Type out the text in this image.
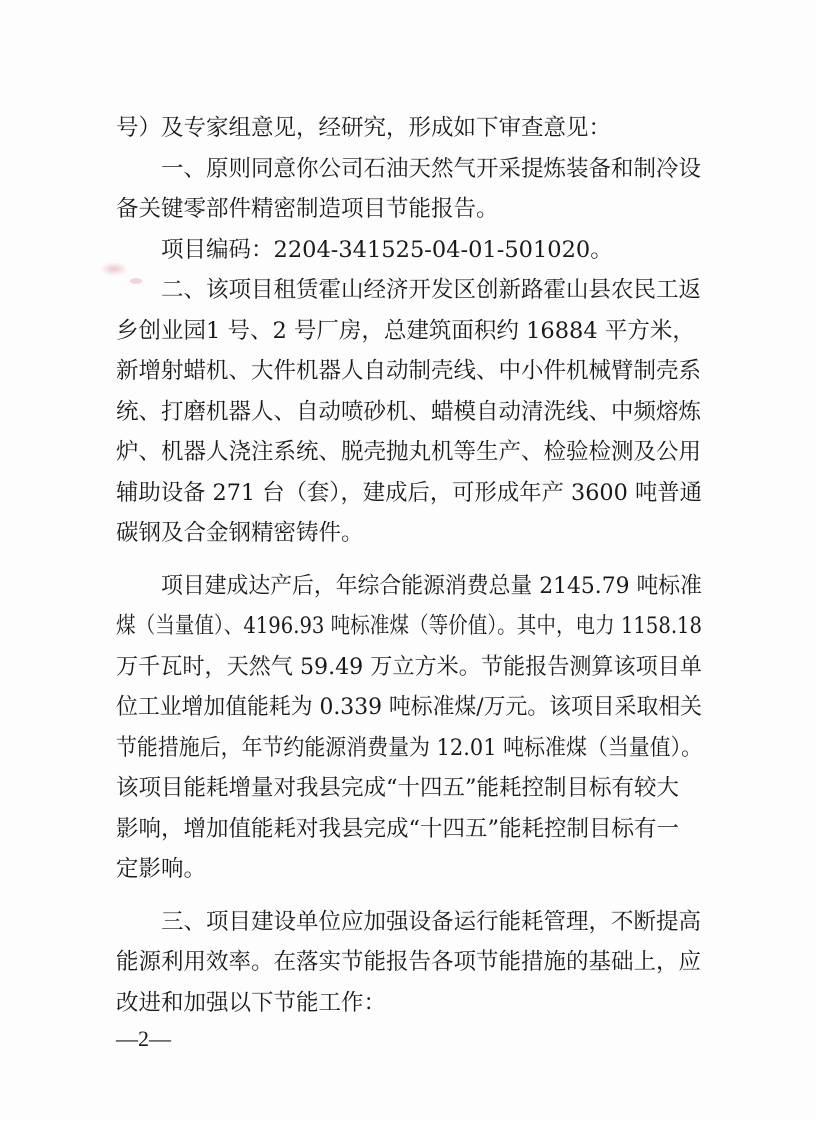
号）及专家组意见，经研究，形成如下审查意见：
一、原则同意你公司石油天然气开采提炼装备和制冷设
备关键零部件精密制造项目节能报告。
项目编码：2204-341525-04-01-501020。
二、该项目租赁霍山经济开发区创新路霍山县农民工返
乡创业园1 号、2 号厂房，总建筑面积约 16884 平方米，
新增射蜡机、大件机器人自动制壳线、中小件机械臂制壳系
统、打磨机器人、自动喷砂机、蜡模自动清洗线、中频熔炼
炉、机器人浇注系统、脱壳抛丸机等生产、检验检测及公用
辅助设备 271 台（套），建成后，可形成年产 3600 吨普通
碳钢及合金钢精密铸件。
项目建成达产后，年综合能源消费总量 2145.79 吨标准
煤（当量值）、4196.93 吨标准煤（等价值）。其中，电力 1158.18
万千瓦时，天然气 59.49 万立方米。节能报告测算该项目单
位工业增加值能耗为 0.339 吨标准煤/万元。该项目采取相关
节能措施后，年节约能源消费量为 12.01 吨标准煤（当量值）。
该项目能耗增量对我县完成“十四五”能耗控制目标有较大
影响，增加值能耗对我县完成“十四五”能耗控制目标有一
定影响。
三、项目建设单位应加强设备运行能耗管理，不断提高
能源利用效率。在落实节能报告各项节能措施的基础上，应
改进和加强以下节能工作：
—2—
